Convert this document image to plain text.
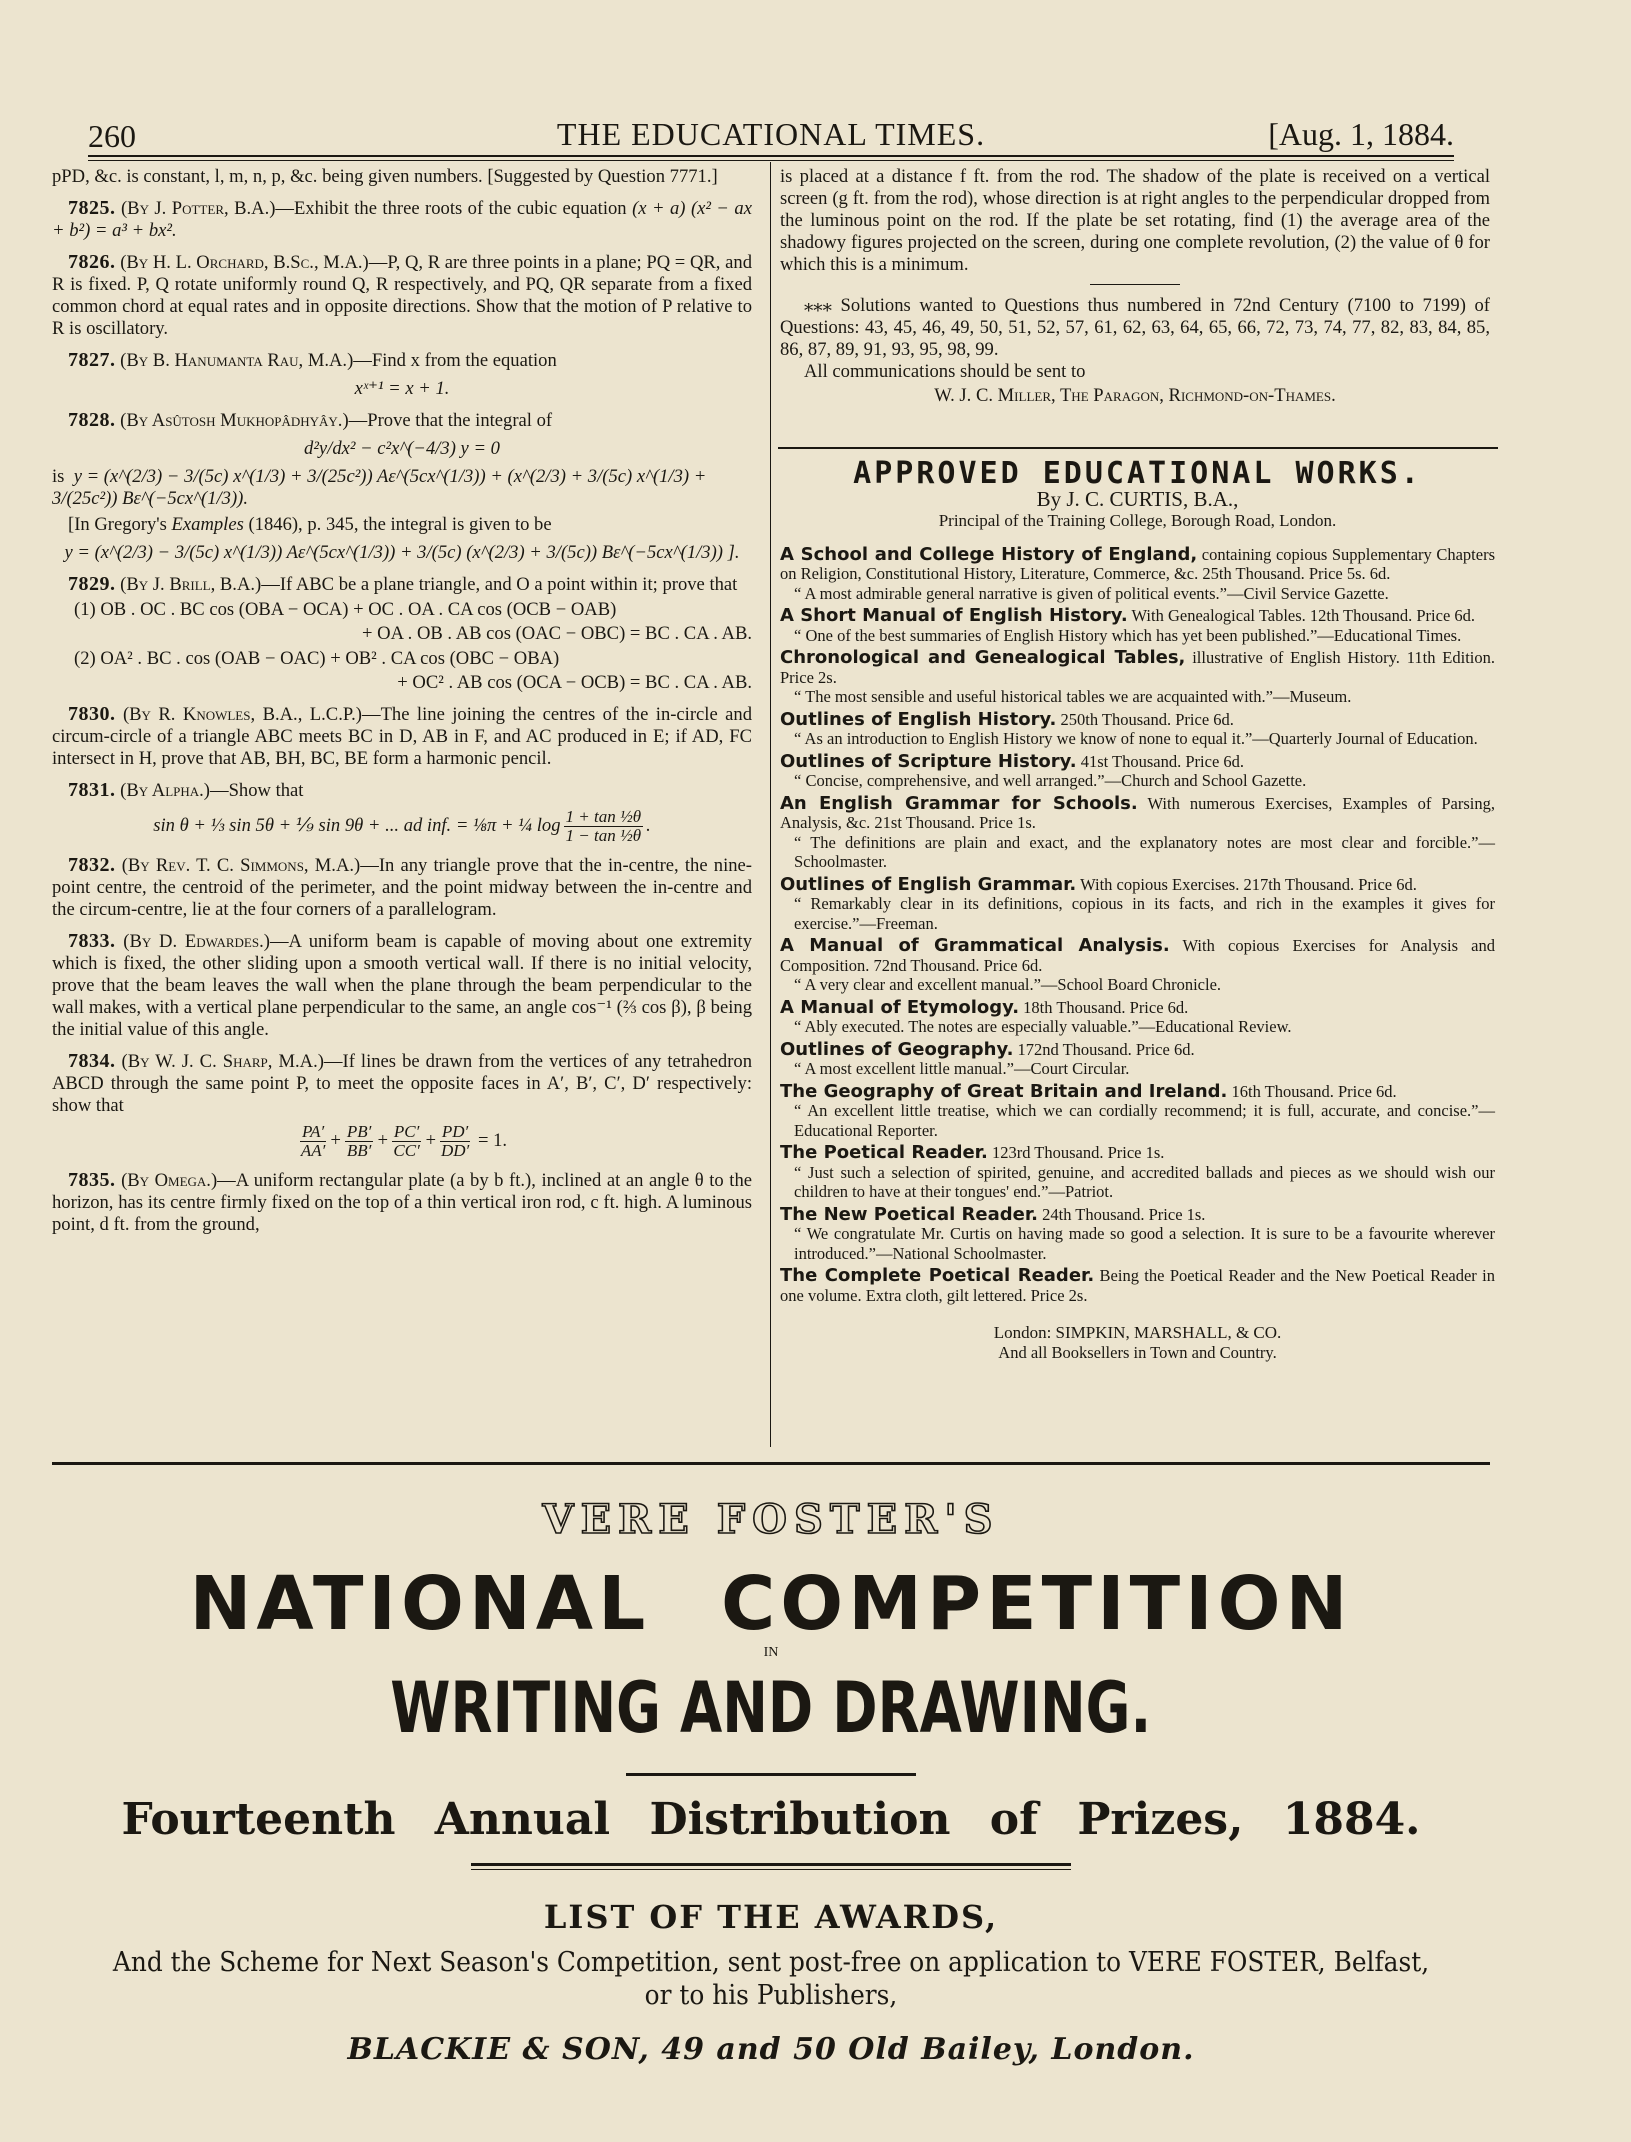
260	THE EDUCATIONAL TIMES.	[Aug. 1, 1884.

pPD, &c. is constant, l, m, n, p, &c. being given numbers. [Suggested by Question 7771.]

7825. (By J. Potter, B.A.)—Exhibit the three roots of the cubic equation (x + a) (x² − ax + b²) = a³ + bx².

7826. (By H. L. Orchard, B.Sc., M.A.)—P, Q, R are three points in a plane; PQ = QR, and R is fixed. P, Q rotate uniformly round Q, R respectively, and PQ, QR separate from a fixed common chord at equal rates and in opposite directions. Show that the motion of P relative to R is oscillatory.

7827. (By B. Hanumanta Rau, M.A.)—Find x from the equation

xˣ⁺¹ = x + 1.

7828. (By Asûtosh Mukhopâdhyây.)—Prove that the integral of

d²y/dx² − c²x^(−4/3) y = 0

is y = (x^(2/3) − 3/(5c) x^(1/3) + 3/(25c²)) Aε^(5cx^(1/3)) + (x^(2/3) + 3/(5c) x^(1/3) + 3/(25c²)) Bε^(−5cx^(1/3)).

[In Gregory's Examples (1846), p. 345, the integral is given to be

y = (x^(2/3) − 3/(5c) x^(1/3)) Aε^(5cx^(1/3)) + 3/(5c) (x^(2/3) + 3/(5c)) Bε^(−5cx^(1/3)) ].

7829. (By J. Brill, B.A.)—If ABC be a plane triangle, and O a point within it; prove that

(1) OB . OC . BC cos (OBA − OCA) + OC . OA . CA cos (OCB − OAB)

+ OA . OB . AB cos (OAC − OBC) = BC . CA . AB.

(2) OA² . BC . cos (OAB − OAC) + OB² . CA cos (OBC − OBA)

+ OC² . AB cos (OCA − OCB) = BC . CA . AB.

7830. (By R. Knowles, B.A., L.C.P.)—The line joining the centres of the in-circle and circum-circle of a triangle ABC meets BC in D, AB in F, and AC produced in E; if AD, FC intersect in H, prove that AB, BH, BC, BE form a harmonic pencil.

7831. (By Alpha.)—Show that

sin θ + ⅓ sin 5θ + ⅑ sin 9θ + ... ad inf. = ⅛π + ¼ $\log \frac{\text{1 + tan ½θ}}{\text{1 − tan ½θ}}$ .

7832. (By Rev. T. C. Simmons, M.A.)—In any triangle prove that the in-centre, the nine-point centre, the centroid of the perimeter, and the point midway between the in-centre and the circum-centre, lie at the four corners of a parallelogram.

7833. (By D. Edwardes.)—A uniform beam is capable of moving about one extremity which is fixed, the other sliding upon a smooth vertical wall. If there is no initial velocity, prove that the beam leaves the wall when the plane through the beam perpendicular to the wall makes, with a vertical plane perpendicular to the same, an angle cos⁻¹ (⅔ cos β), β being the initial value of this angle.

7834. (By W. J. C. Sharp, M.A.)—If lines be drawn from the vertices of any tetrahedron ABCD through the same point P, to meet the opposite faces in A′, B′, C′, D′ respectively: show that

$\frac{PA'}{AA'} + \frac{PB'}{BB'} + \frac{PC'}{CC'} + \frac{PD'}{DD'} = 1$.

7835. (By Omega.)—A uniform rectangular plate (a by b ft.), inclined at an angle θ to the horizon, has its centre firmly fixed on the top of a thin vertical iron rod, c ft. high. A luminous point, d ft. from the ground,

is placed at a distance f ft. from the rod. The shadow of the plate is received on a vertical screen (g ft. from the rod), whose direction is at right angles to the perpendicular dropped from the luminous point on the rod. If the plate be set rotating, find (1) the average area of the shadowy figures projected on the screen, during one complete revolution, (2) the value of θ for which this is a minimum.

⁎⁎⁎ Solutions wanted to Questions thus numbered in 72nd Century (7100 to 7199) of Questions: 43, 45, 46, 49, 50, 51, 52, 57, 61, 62, 63, 64, 65, 66, 72, 73, 74, 77, 82, 83, 84, 85, 86, 87, 89, 91, 93, 95, 98, 99.

All communications should be sent to

W. J. C. Miller, The Paragon, Richmond-on-Thames.

APPROVED EDUCATIONAL WORKS.
By J. C. CURTIS, B.A.,
Principal of the Training College, Borough Road, London.

A School and College History of England, containing copious Supplementary Chapters on Religion, Constitutional History, Literature, Commerce, &c. 25th Thousand. Price 5s. 6d.
“ A most admirable general narrative is given of political events.”—Civil Service Gazette.

A Short Manual of English History. With Genealogical Tables. 12th Thousand. Price 6d.
“ One of the best summaries of English History which has yet been published.”—Educational Times.

Chronological and Genealogical Tables, illustrative of English History. 11th Edition. Price 2s.
“ The most sensible and useful historical tables we are acquainted with.”—Museum.

Outlines of English History. 250th Thousand. Price 6d.
“ As an introduction to English History we know of none to equal it.”—Quarterly Journal of Education.

Outlines of Scripture History. 41st Thousand. Price 6d.
“ Concise, comprehensive, and well arranged.”—Church and School Gazette.

An English Grammar for Schools. With numerous Exercises, Examples of Parsing, Analysis, &c. 21st Thousand. Price 1s.
“ The definitions are plain and exact, and the explanatory notes are most clear and forcible.”—Schoolmaster.

Outlines of English Grammar. With copious Exercises. 217th Thousand. Price 6d.
“ Remarkably clear in its definitions, copious in its facts, and rich in the examples it gives for exercise.”—Freeman.

A Manual of Grammatical Analysis. With copious Exercises for Analysis and Composition. 72nd Thousand. Price 6d.
“ A very clear and excellent manual.”—School Board Chronicle.

A Manual of Etymology. 18th Thousand. Price 6d.
“ Ably executed. The notes are especially valuable.”—Educational Review.

Outlines of Geography. 172nd Thousand. Price 6d.
“ A most excellent little manual.”—Court Circular.

The Geography of Great Britain and Ireland. 16th Thousand. Price 6d.
“ An excellent little treatise, which we can cordially recommend; it is full, accurate, and concise.”—Educational Reporter.

The Poetical Reader. 123rd Thousand. Price 1s.
“ Just such a selection of spirited, genuine, and accredited ballads and pieces as we should wish our children to have at their tongues' end.”—Patriot.

The New Poetical Reader. 24th Thousand. Price 1s.
“ We congratulate Mr. Curtis on having made so good a selection. It is sure to be a favourite wherever introduced.”—National Schoolmaster.

The Complete Poetical Reader. Being the Poetical Reader and the New Poetical Reader in one volume. Extra cloth, gilt lettered. Price 2s.

London: SIMPKIN, MARSHALL, & CO.
And all Booksellers in Town and Country.
VERE FOSTER'S
NATIONAL COMPETITION
IN
WRITING AND DRAWING.
Fourteenth Annual Distribution of Prizes, 1884.
LIST OF THE AWARDS,
And the Scheme for Next Season's Competition, sent post-free on application to VERE FOSTER, Belfast, or to his Publishers,
BLACKIE & SON, 49 and 50 Old Bailey, London.
